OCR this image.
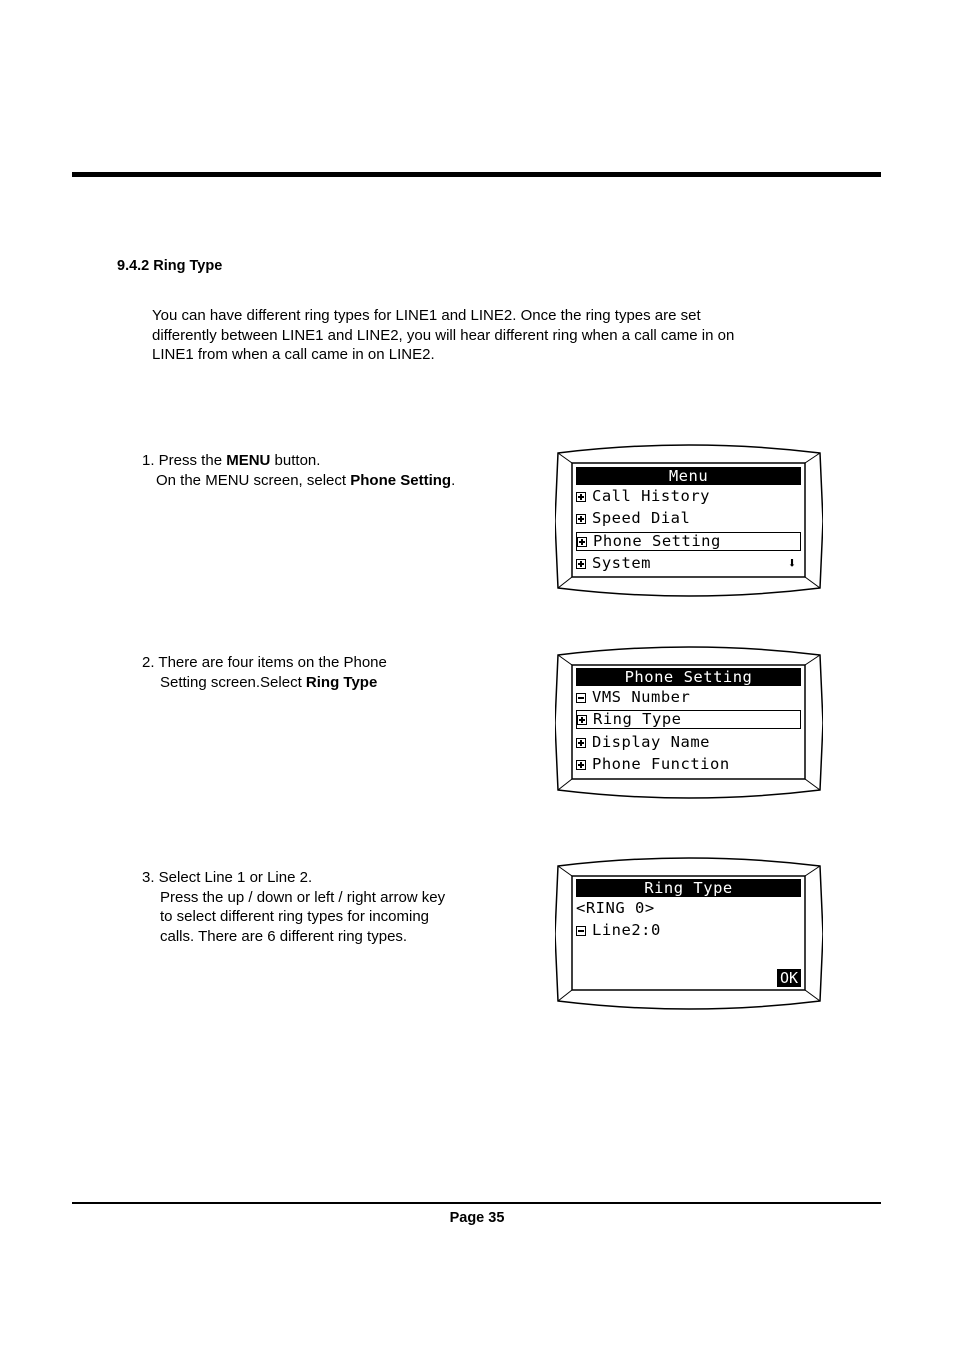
9.4.2 Ring Type

You can have different ring types for LINE1 and LINE2. Once the ring types are set

differently between LINE1 and LINE2, you will hear different ring when a call came in on

LINE1 from when a call came in on LINE2.

1. Press the MENU button.
On the MENU screen, select Phone Setting.
2. There are four items on the Phone
Setting screen.Select Ring Type
3. Select Line 1 or Line 2.
Press the up / down or left / right arrow key
to select different ring types for incoming
calls. There are 6 different ring types.
Menu
Call History
Speed Dial
Phone Setting
System	⬇
Phone Setting
VMS Number
Ring Type
Display Name
Phone Function
Ring Type
<RING 0>
Line2:0
OK
Page 35
